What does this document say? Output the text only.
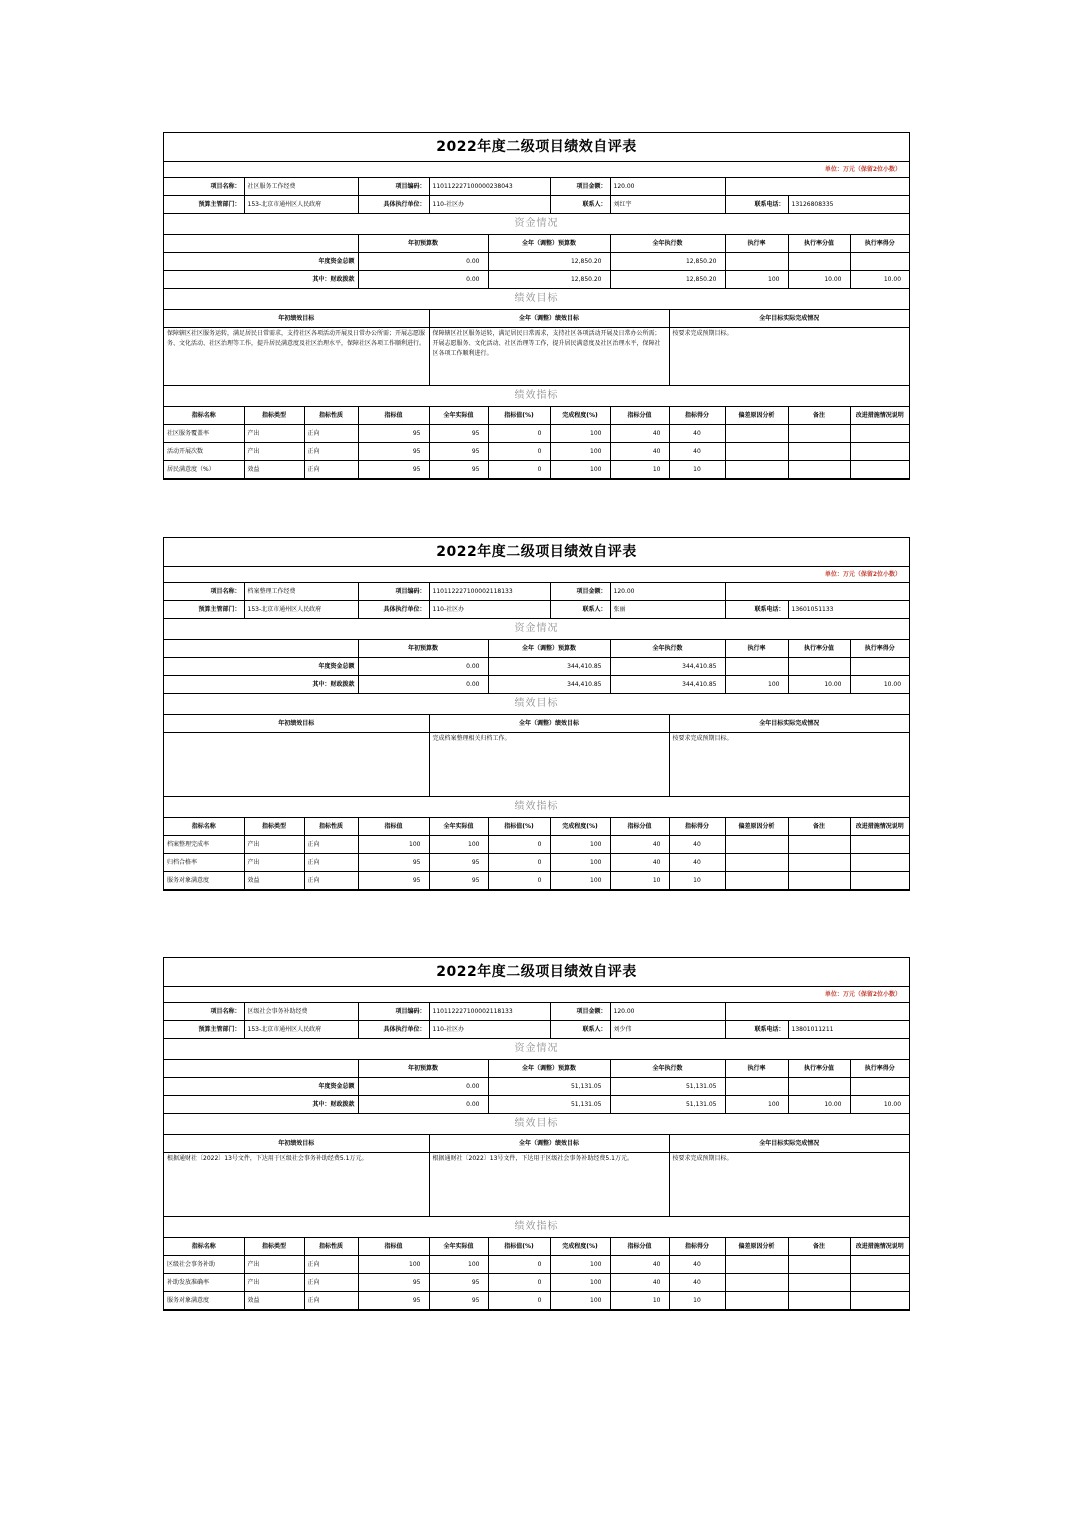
2022年度二级项目绩效自评表											
单位：万元（保留2位小数）											
项目名称：	社区服务工作经费		项目编码：	110112227100000238043		项目金额：	120.00				
预算主管部门：	153-北京市通州区人民政府		具体执行单位：	110-社区办		联系人：	刘红宇		联系电话：	13126808335	
资金情况											
			年初预算数		全年（调整）预算数		全年执行数		执行率	执行率分值	执行率得分
年度资金总额			0.00		12,850.20		12,850.20				
其中：财政拨款			0.00		12,850.20		12,850.20		100	10.00	10.00
绩效目标											
年初绩效目标				全年（调整）绩效目标				全年目标实际完成情况			
保障辖区社区服务运转，满足居民日常需求，支持社区各项活动开展及日常办公所需；开展志愿服务、文化活动、社区治理等工作，提升居民满意度及社区治理水平，保障社区各项工作顺利进行。				保障辖区社区服务运转，满足居民日常需求，支持社区各项活动开展及日常办公所需；开展志愿服务、文化活动、社区治理等工作，提升居民满意度及社区治理水平，保障社区各项工作顺利进行。				按要求完成预期目标。			
绩效指标											
指标名称	指标类型	指标性质	指标值	全年实际值	指标值(%)	完成程度(%)	指标分值	指标得分	偏差原因分析	备注	改进措施情况说明
社区服务覆盖率	产出	正向	95	95	0	100	40	40			
活动开展次数	产出	正向	95	95	0	100	40	40			
居民满意度（%）	效益	正向	95	95	0	100	10	10			
2022年度二级项目绩效自评表											
单位：万元（保留2位小数）											
项目名称：	档案整理工作经费		项目编码：	110112227100002118133		项目金额：	120.00				
预算主管部门：	153-北京市通州区人民政府		具体执行单位：	110-社区办		联系人：	张丽		联系电话：	13601051133	
资金情况											
			年初预算数		全年（调整）预算数		全年执行数		执行率	执行率分值	执行率得分
年度资金总额			0.00		344,410.85		344,410.85				
其中：财政拨款			0.00		344,410.85		344,410.85		100	10.00	10.00
绩效目标											
年初绩效目标				全年（调整）绩效目标				全年目标实际完成情况			
				完成档案整理相关归档工作。				按要求完成预期目标。			
绩效指标											
指标名称	指标类型	指标性质	指标值	全年实际值	指标值(%)	完成程度(%)	指标分值	指标得分	偏差原因分析	备注	改进措施情况说明
档案整理完成率	产出	正向	100	100	0	100	40	40			
归档合格率	产出	正向	95	95	0	100	40	40			
服务对象满意度	效益	正向	95	95	0	100	10	10			
2022年度二级项目绩效自评表											
单位：万元（保留2位小数）											
项目名称：	区级社会事务补助经费		项目编码：	110112227100002118133		项目金额：	120.00				
预算主管部门：	153-北京市通州区人民政府		具体执行单位：	110-社区办		联系人：	刘少伟		联系电话：	13801011211	
资金情况											
			年初预算数		全年（调整）预算数		全年执行数		执行率	执行率分值	执行率得分
年度资金总额			0.00		51,131.05		51,131.05				
其中：财政拨款			0.00		51,131.05		51,131.05		100	10.00	10.00
绩效目标											
年初绩效目标				全年（调整）绩效目标				全年目标实际完成情况			
根据通财社〔2022〕13号文件，下达用于区级社会事务补助经费5.1万元。				根据通财社〔2022〕13号文件，下达用于区级社会事务补助经费5.1万元。				按要求完成预期目标。			
绩效指标											
指标名称	指标类型	指标性质	指标值	全年实际值	指标值(%)	完成程度(%)	指标分值	指标得分	偏差原因分析	备注	改进措施情况说明
区级社会事务补助	产出	正向	100	100	0	100	40	40			
补助发放准确率	产出	正向	95	95	0	100	40	40			
服务对象满意度	效益	正向	95	95	0	100	10	10			
